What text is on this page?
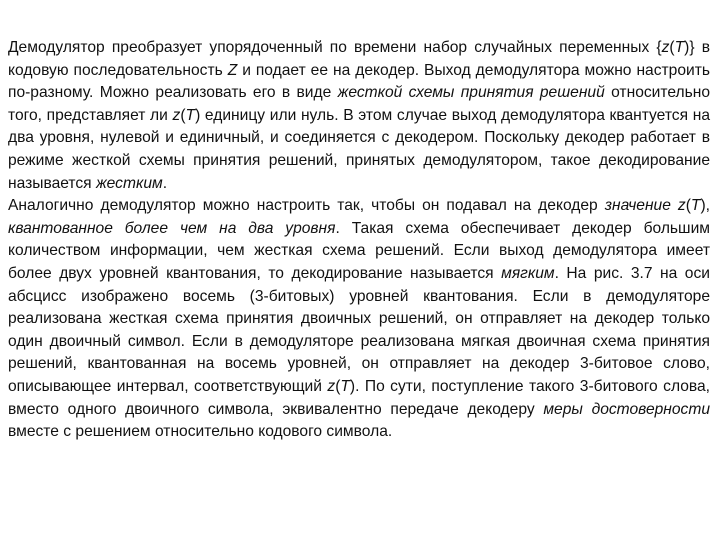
Демодулятор преобразует упорядоченный по времени набор случайных переменных {z(T)} в кодовую последовательность Z и подает ее на декодер. Выход демодулятора можно настроить по-разному. Можно реализовать его в виде жесткой схемы принятия решений относительно того, представляет ли z(T) единицу или нуль. В этом случае выход демодулятора квантуется на два уровня, нулевой и единичный, и соединяется с декодером. Поскольку декодер работает в режиме жесткой схемы принятия решений, принятых демодулятором, такое декодирование называется жестким.

Аналогично демодулятор можно настроить так, чтобы он подавал на декодер значение z(T), квантованное более чем на два уровня. Такая схема обеспечивает декодер большим количеством информации, чем жесткая схема решений. Если выход демодулятора имеет более двух уровней квантования, то декодирование называется мягким. На рис. 3.7 на оси абсцисс изображено восемь (3-битовых) уровней квантования. Если в демодуляторе реализована жесткая схема принятия двоичных решений, он отправляет на декодер только один двоичный символ. Если в демодуляторе реализована мягкая двоичная схема принятия решений, квантованная на восемь уровней, он отправляет на декодер 3-битовое слово, описывающее интервал, соответствующий z(T). По сути, поступление такого 3-битового слова, вместо одного двоичного символа, эквивалентно передаче декодеру меры достоверности вместе с решением относительно кодового символа.
